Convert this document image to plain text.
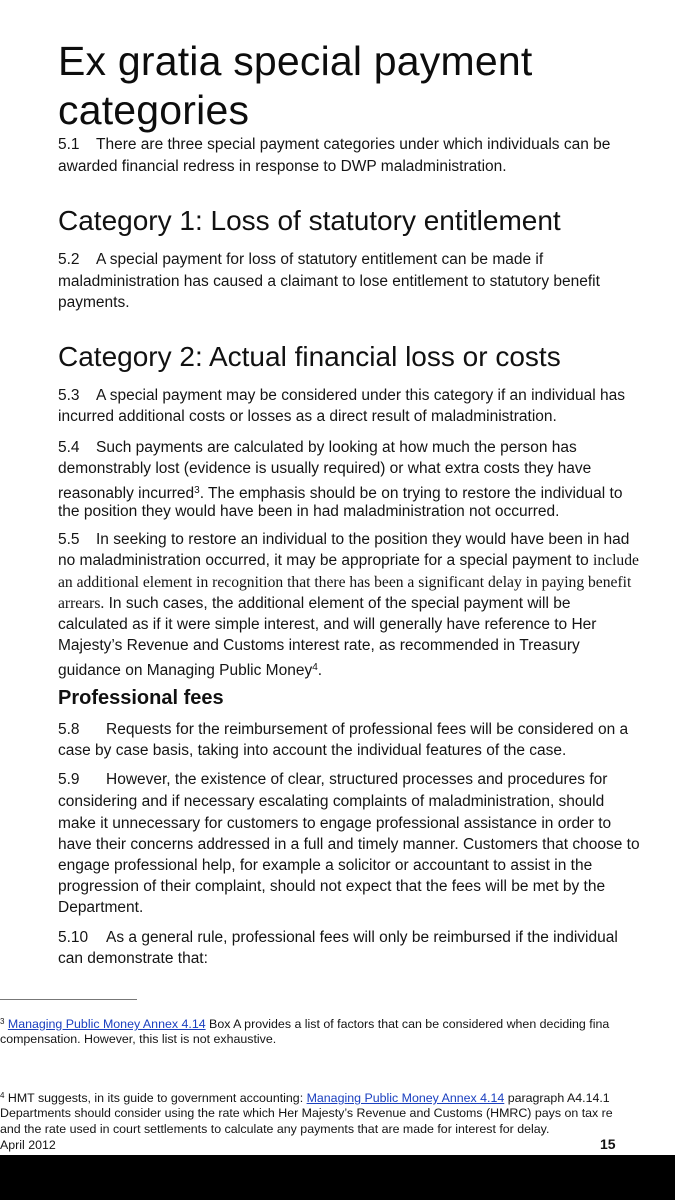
Ex gratia special payment
categories
5.1 There are three special payment categories under which individuals can be
awarded financial redress in response to DWP maladministration.
Category 1: Loss of statutory entitlement
5.2 A special payment for loss of statutory entitlement can be made if
maladministration has caused a claimant to lose entitlement to statutory benefit
payments.
Category 2: Actual financial loss or costs
5.3 A special payment may be considered under this category if an individual has
incurred additional costs or losses as a direct result of maladministration.
5.4 Such payments are calculated by looking at how much the person has
demonstrably lost (evidence is usually required) or what extra costs they have
reasonably incurred$^3$. The emphasis should be on trying to restore the individual to
the position they would have been in had maladministration not occurred.
5.5 In seeking to restore an individual to the position they would have been in had
no maladministration occurred, it may be appropriate for a special payment to include
an additional element in recognition that there has been a significant delay in paying benefit
arrears. In such cases, the additional element of the special payment will be
calculated as if it were simple interest, and will generally have reference to Her
Majesty’s Revenue and Customs interest rate, as recommended in Treasury
guidance on Managing Public Money$^4$.
Professional fees
5.8 Requests for the reimbursement of professional fees will be considered on a
case by case basis, taking into account the individual features of the case.
5.9 However, the existence of clear, structured processes and procedures for
considering and if necessary escalating complaints of maladministration, should
make it unnecessary for customers to engage professional assistance in order to
have their concerns addressed in a full and timely manner. Customers that choose to
engage professional help, for example a solicitor or accountant to assist in the
progression of their complaint, should not expect that the fees will be met by the
Department.
5.10 As a general rule, professional fees will only be reimbursed if the individual
can demonstrate that:
$^3$ Managing Public Money Annex 4.14 Box A provides a list of factors that can be considered when deciding fina
compensation. However, this list is not exhaustive.
$^4$ HMT suggests, in its guide to government accounting: Managing Public Money Annex 4.14 paragraph A4.14.1
Departments should consider using the rate which Her Majesty’s Revenue and Customs (HMRC) pays on tax re
and the rate used in court settlements to calculate any payments that are made for interest for delay.
April 2012	15
